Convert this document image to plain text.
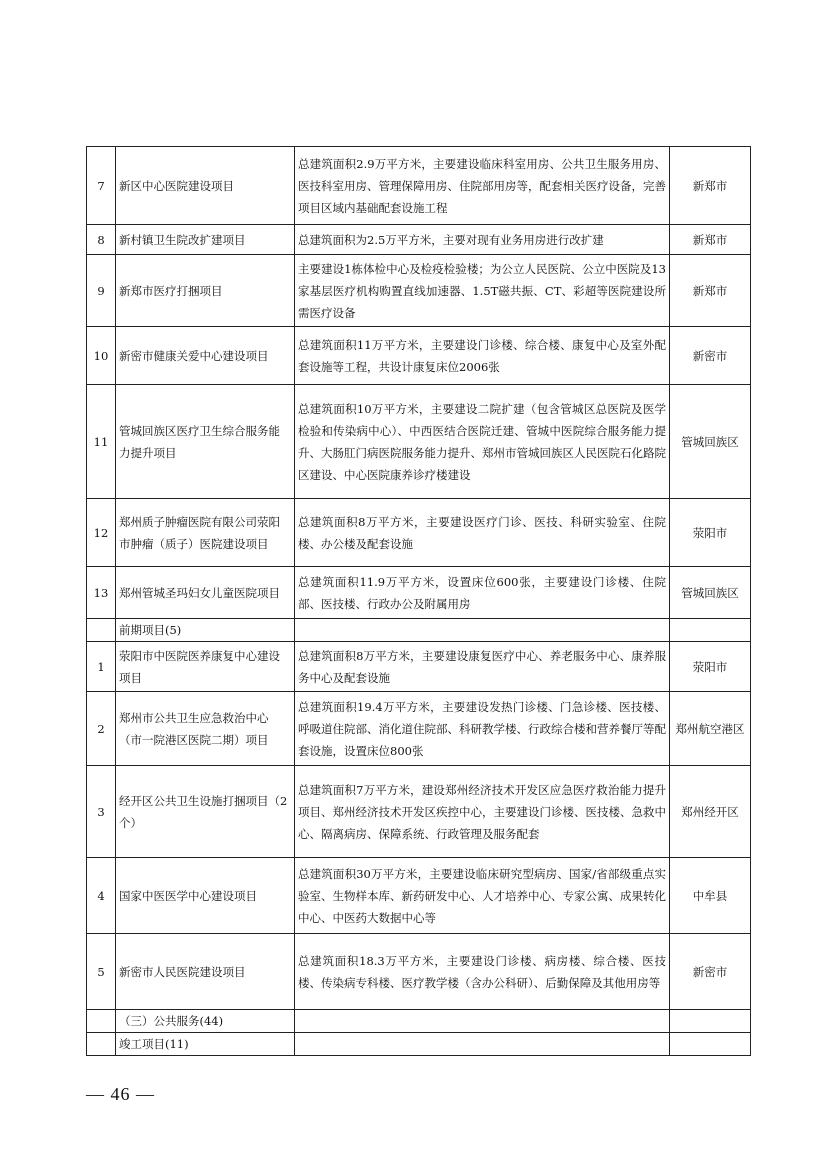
7	新区中心医院建设项目	总建筑面积2.9万平方米，主要建设临床科室用房、公共卫生服务用房、医技科室用房、管理保障用房、住院部用房等，配套相关医疗设备，完善项目区域内基础配套设施工程	新郑市
8	新村镇卫生院改扩建项目	总建筑面积为2.5万平方米，主要对现有业务用房进行改扩建	新郑市
9	新郑市医疗打捆项目	主要建设1栋体检中心及检疫检验楼；为公立人民医院、公立中医院及13家基层医疗机构购置直线加速器、1.5T磁共振、CT、彩超等医院建设所需医疗设备	新郑市
10	新密市健康关爱中心建设项目	总建筑面积11万平方米，主要建设门诊楼、综合楼、康复中心及室外配套设施等工程，共设计康复床位2006张	新密市
11	管城回族区医疗卫生综合服务能力提升项目	总建筑面积10万平方米，主要建设二院扩建（包含管城区总医院及医学检验和传染病中心）、中西医结合医院迁建、管城中医院综合服务能力提升、大肠肛门病医院服务能力提升、郑州市管城回族区人民医院石化路院区建设、中心医院康养诊疗楼建设	管城回族区
12	郑州质子肿瘤医院有限公司荥阳市肿瘤（质子）医院建设项目	总建筑面积8万平方米，主要建设医疗门诊、医技、科研实验室、住院楼、办公楼及配套设施	荥阳市
13	郑州管城圣玛妇女儿童医院项目	总建筑面积11.9万平方米，设置床位600张，主要建设门诊楼、住院部、医技楼、行政办公及附属用房	管城回族区
	前期项目(5)		
1	荥阳市中医院医养康复中心建设项目	总建筑面积8万平方米，主要建设康复医疗中心、养老服务中心、康养服务中心及配套设施	荥阳市
2	郑州市公共卫生应急救治中心（市一院港区医院二期）项目	总建筑面积19.4万平方米，主要建设发热门诊楼、门急诊楼、医技楼、呼吸道住院部、消化道住院部、科研教学楼、行政综合楼和营养餐厅等配套设施，设置床位800张	郑州航空港区
3	经开区公共卫生设施打捆项目（2个）	总建筑面积7万平方米，建设郑州经济技术开发区应急医疗救治能力提升项目、郑州经济技术开发区疾控中心，主要建设门诊楼、医技楼、急救中心、隔离病房、保障系统、行政管理及服务配套	郑州经开区
4	国家中医医学中心建设项目	总建筑面积30万平方米，主要建设临床研究型病房、国家/省部级重点实验室、生物样本库、新药研发中心、人才培养中心、专家公寓、成果转化中心、中医药大数据中心等	中牟县
5	新密市人民医院建设项目	总建筑面积18.3万平方米，主要建设门诊楼、病房楼、综合楼、医技楼、传染病专科楼、医疗教学楼（含办公科研）、后勤保障及其他用房等	新密市
	（三）公共服务(44)		
	竣工项目(11)		
— 46 —
